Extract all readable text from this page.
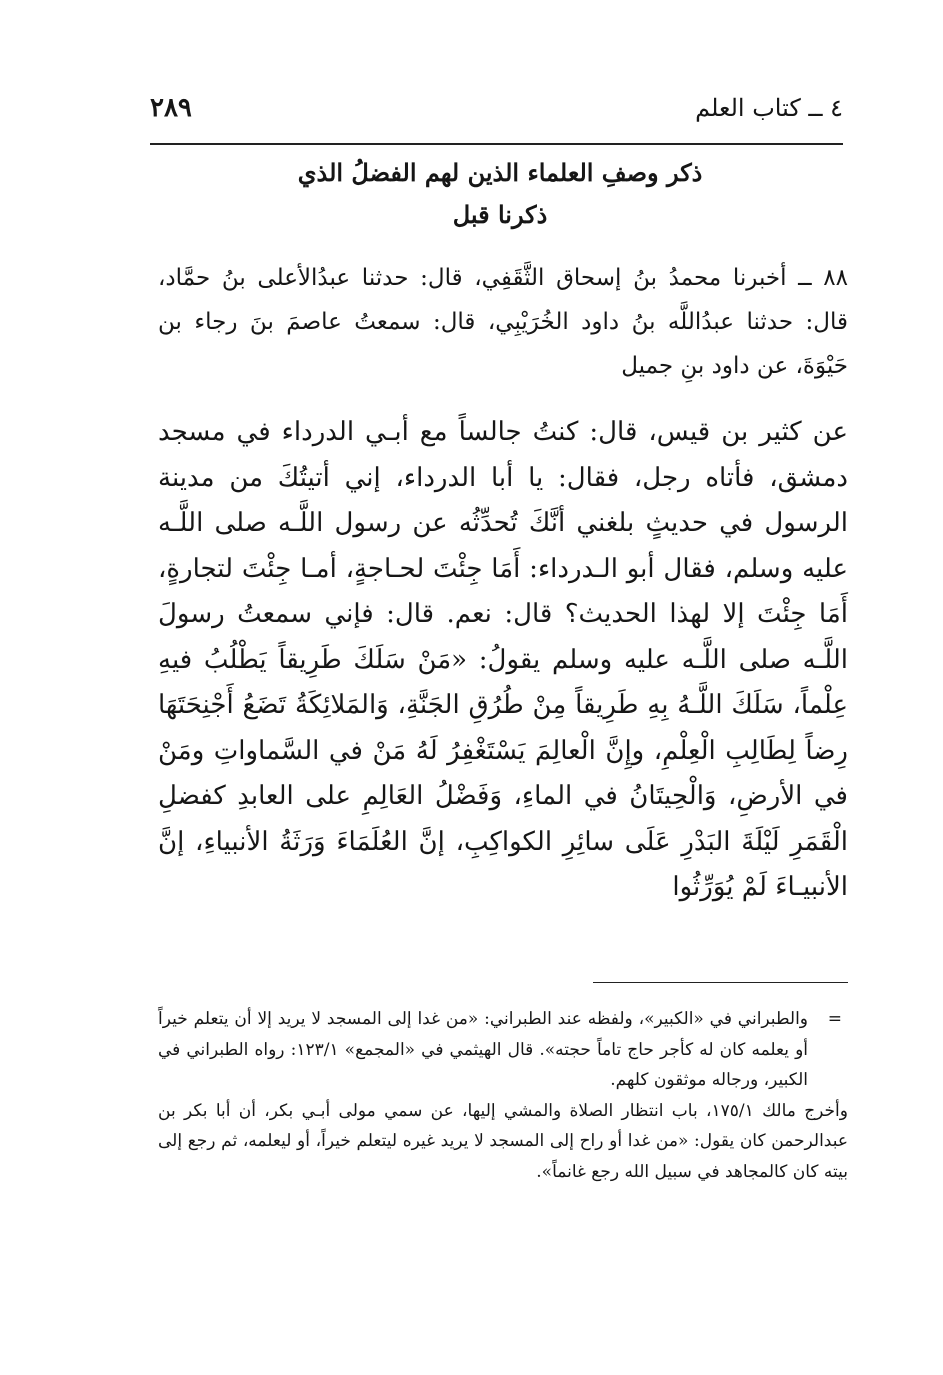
٤ ــ كتاب العلم
٢٨٩
ذكر وصفِ العلماء الذين لهم الفضلُ الذي
ذكرنا قبل

٨٨ ــ أخبرنا محمدُ بنُ إسحاق الثَّقَفِي، قال: حدثنا عبدُالأعلى بنُ حمَّاد، قال: حدثنا عبدُاللَّه بنُ داود الخُرَيْبِي، قال: سمعتُ عاصمَ بنَ رجاء بن حَيْوَةَ، عن داود بنِ جميل

عن كثير بن قيس، قال: كنتُ جالساً مع أبـي الدرداء في مسجد دمشق، فأتاه رجل، فقال: يا أبا الدرداء، إني أتيتُكَ من مدينة الرسول في حديثٍ بلغني أنَّكَ تُحدِّثُه عن رسول اللَّـه صلى اللَّـه عليه وسلم، فقال أبو الـدرداء: أَمَا جِئْتَ لحـاجةٍ، أمـا جِئْتَ لتجارةٍ، أَمَا جِئْتَ إلا لهذا الحديث؟ قال: نعم. قال: فإني سمعتُ رسولَ اللَّـه صلى اللَّـه عليه وسلم يقولُ: «مَنْ سَلَكَ طَرِيقاً يَطْلُبُ فيهِ عِلْماً، سَلَكَ اللَّـهُ بِهِ طَرِيقاً مِنْ طُرُقِ الجَنَّةِ، وَالمَلائِكَةُ تَضَعُ أَجْنِحَتَهَا رِضاً لِطَالِبِ الْعِلْمِ، وإِنَّ الْعالِمَ يَسْتَغْفِرُ لَهُ مَنْ في السَّماواتِ ومَنْ في الأرضِ، وَالْحِيتَانُ في الماءِ، وَفَضْلُ العَالِمِ على العابدِ كفضلِ الْقَمَرِ لَيْلَةَ البَدْرِ عَلَى سائِرِ الكواكِبِ، إنَّ العُلَمَاءَ وَرَثَةُ الأنبياءِ، إنَّ الأنبيـاءَ لَمْ يُوَرِّثُوا

=
والطبراني في «الكبير»، ولفظه عند الطبراني: «من غدا إلى المسجد لا يريد إلا أن يتعلم خيراً أو يعلمه كان له كأجر حاج تاماً حجته». قال الهيثمي في «المجمع» ١٢٣/١: رواه الطبراني في الكبير، ورجاله موثقون كلهم.

وأخرج مالك ١٧٥/١، باب انتظار الصلاة والمشي إليها، عن سمي مولى أبـي بكر، أن أبا بكر بن عبدالرحمن كان يقول: «من غدا أو راح إلى المسجد لا يريد غيره ليتعلم خيراً، أو ليعلمه، ثم رجع إلى بيته كان كالمجاهد في سبيل الله رجع غانماً».
